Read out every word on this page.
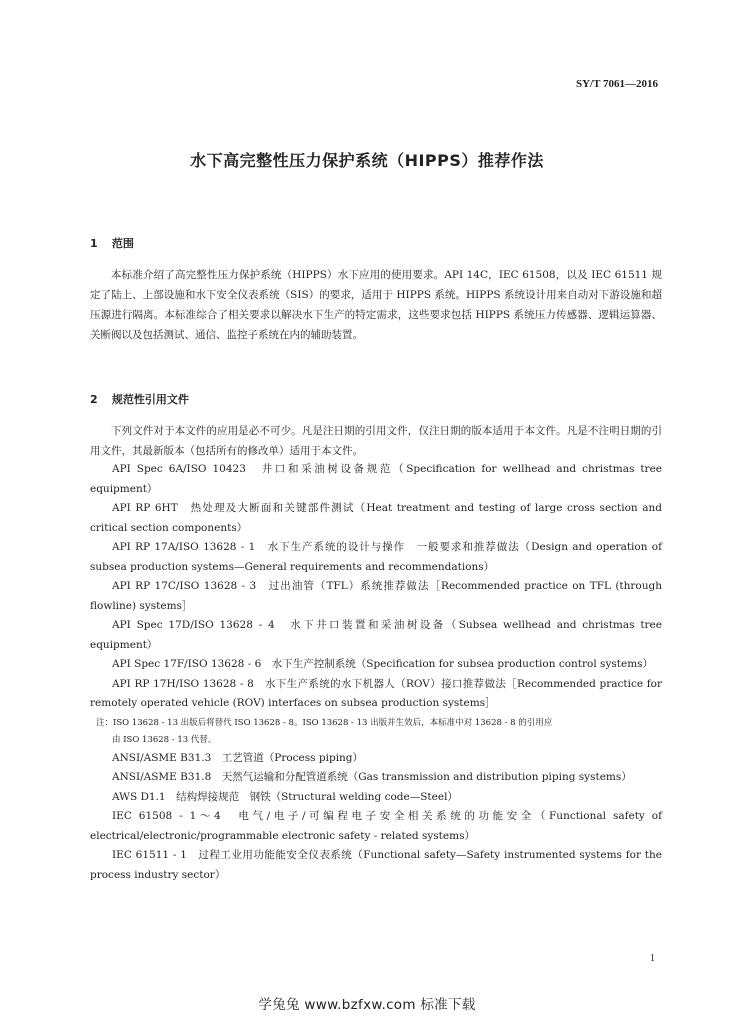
SY/T 7061—2016
水下高完整性压力保护系统（HIPPS）推荐作法
1 范围
本标准介绍了高完整性压力保护系统（HIPPS）水下应用的使用要求。API 14C，IEC 61508，以及 IEC 61511 规定了陆上、上部设施和水下安全仪表系统（SIS）的要求，适用于 HIPPS 系统。HIPPS 系统设计用来自动对下游设施和超压源进行隔离。本标准综合了相关要求以解决水下生产的特定需求，这些要求包括 HIPPS 系统压力传感器、逻辑运算器、关断阀以及包括测试、通信、监控子系统在内的辅助装置。
2 规范性引用文件
下列文件对于本文件的应用是必不可少。凡是注日期的引用文件，仅注日期的版本适用于本文件。凡是不注明日期的引用文件，其最新版本（包括所有的修改单）适用于本文件。
API Spec 6A/ISO 10423　井口和采油树设备规范（Specification for wellhead and christmas tree equipment）
API RP 6HT　热处理及大断面和关键部件测试（Heat treatment and testing of large cross section and critical section components）
API RP 17A/ISO 13628 - 1　水下生产系统的设计与操作　一般要求和推荐做法（Design and operation of subsea production systems—General requirements and recommendations）
API RP 17C/ISO 13628 - 3　过出油管（TFL）系统推荐做法［Recommended practice on TFL (through flowline) systems］
API Spec 17D/ISO 13628 - 4　水下井口装置和采油树设备（Subsea wellhead and christmas tree equipment）
API Spec 17F/ISO 13628 - 6　水下生产控制系统（Specification for subsea production control systems）
API RP 17H/ISO 13628 - 8　水下生产系统的水下机器人（ROV）接口推荐做法［Recommended practice for remotely operated vehicle (ROV) interfaces on subsea production systems］
注：ISO 13628 - 13 出版后将替代 ISO 13628 - 8。ISO 13628 - 13 出版并生效后，本标准中对 13628 - 8 的引用应
由 ISO 13628 - 13 代替。
ANSI/ASME B31.3　工艺管道（Process piping）
ANSI/ASME B31.8　天然气运输和分配管道系统（Gas transmission and distribution piping systems）
AWS D1.1　结构焊接规范　钢铁（Structural welding code—Steel）
IEC 61508 - 1～4　电气/电子/可编程电子安全相关系统的功能安全（Functional safety of electrical/electronic/programmable electronic safety - related systems）
IEC 61511 - 1　过程工业用功能能安全仪表系统（Functional safety—Safety instrumented systems for the process industry sector）
1
学兔兔 www.bzfxw.com 标准下载
